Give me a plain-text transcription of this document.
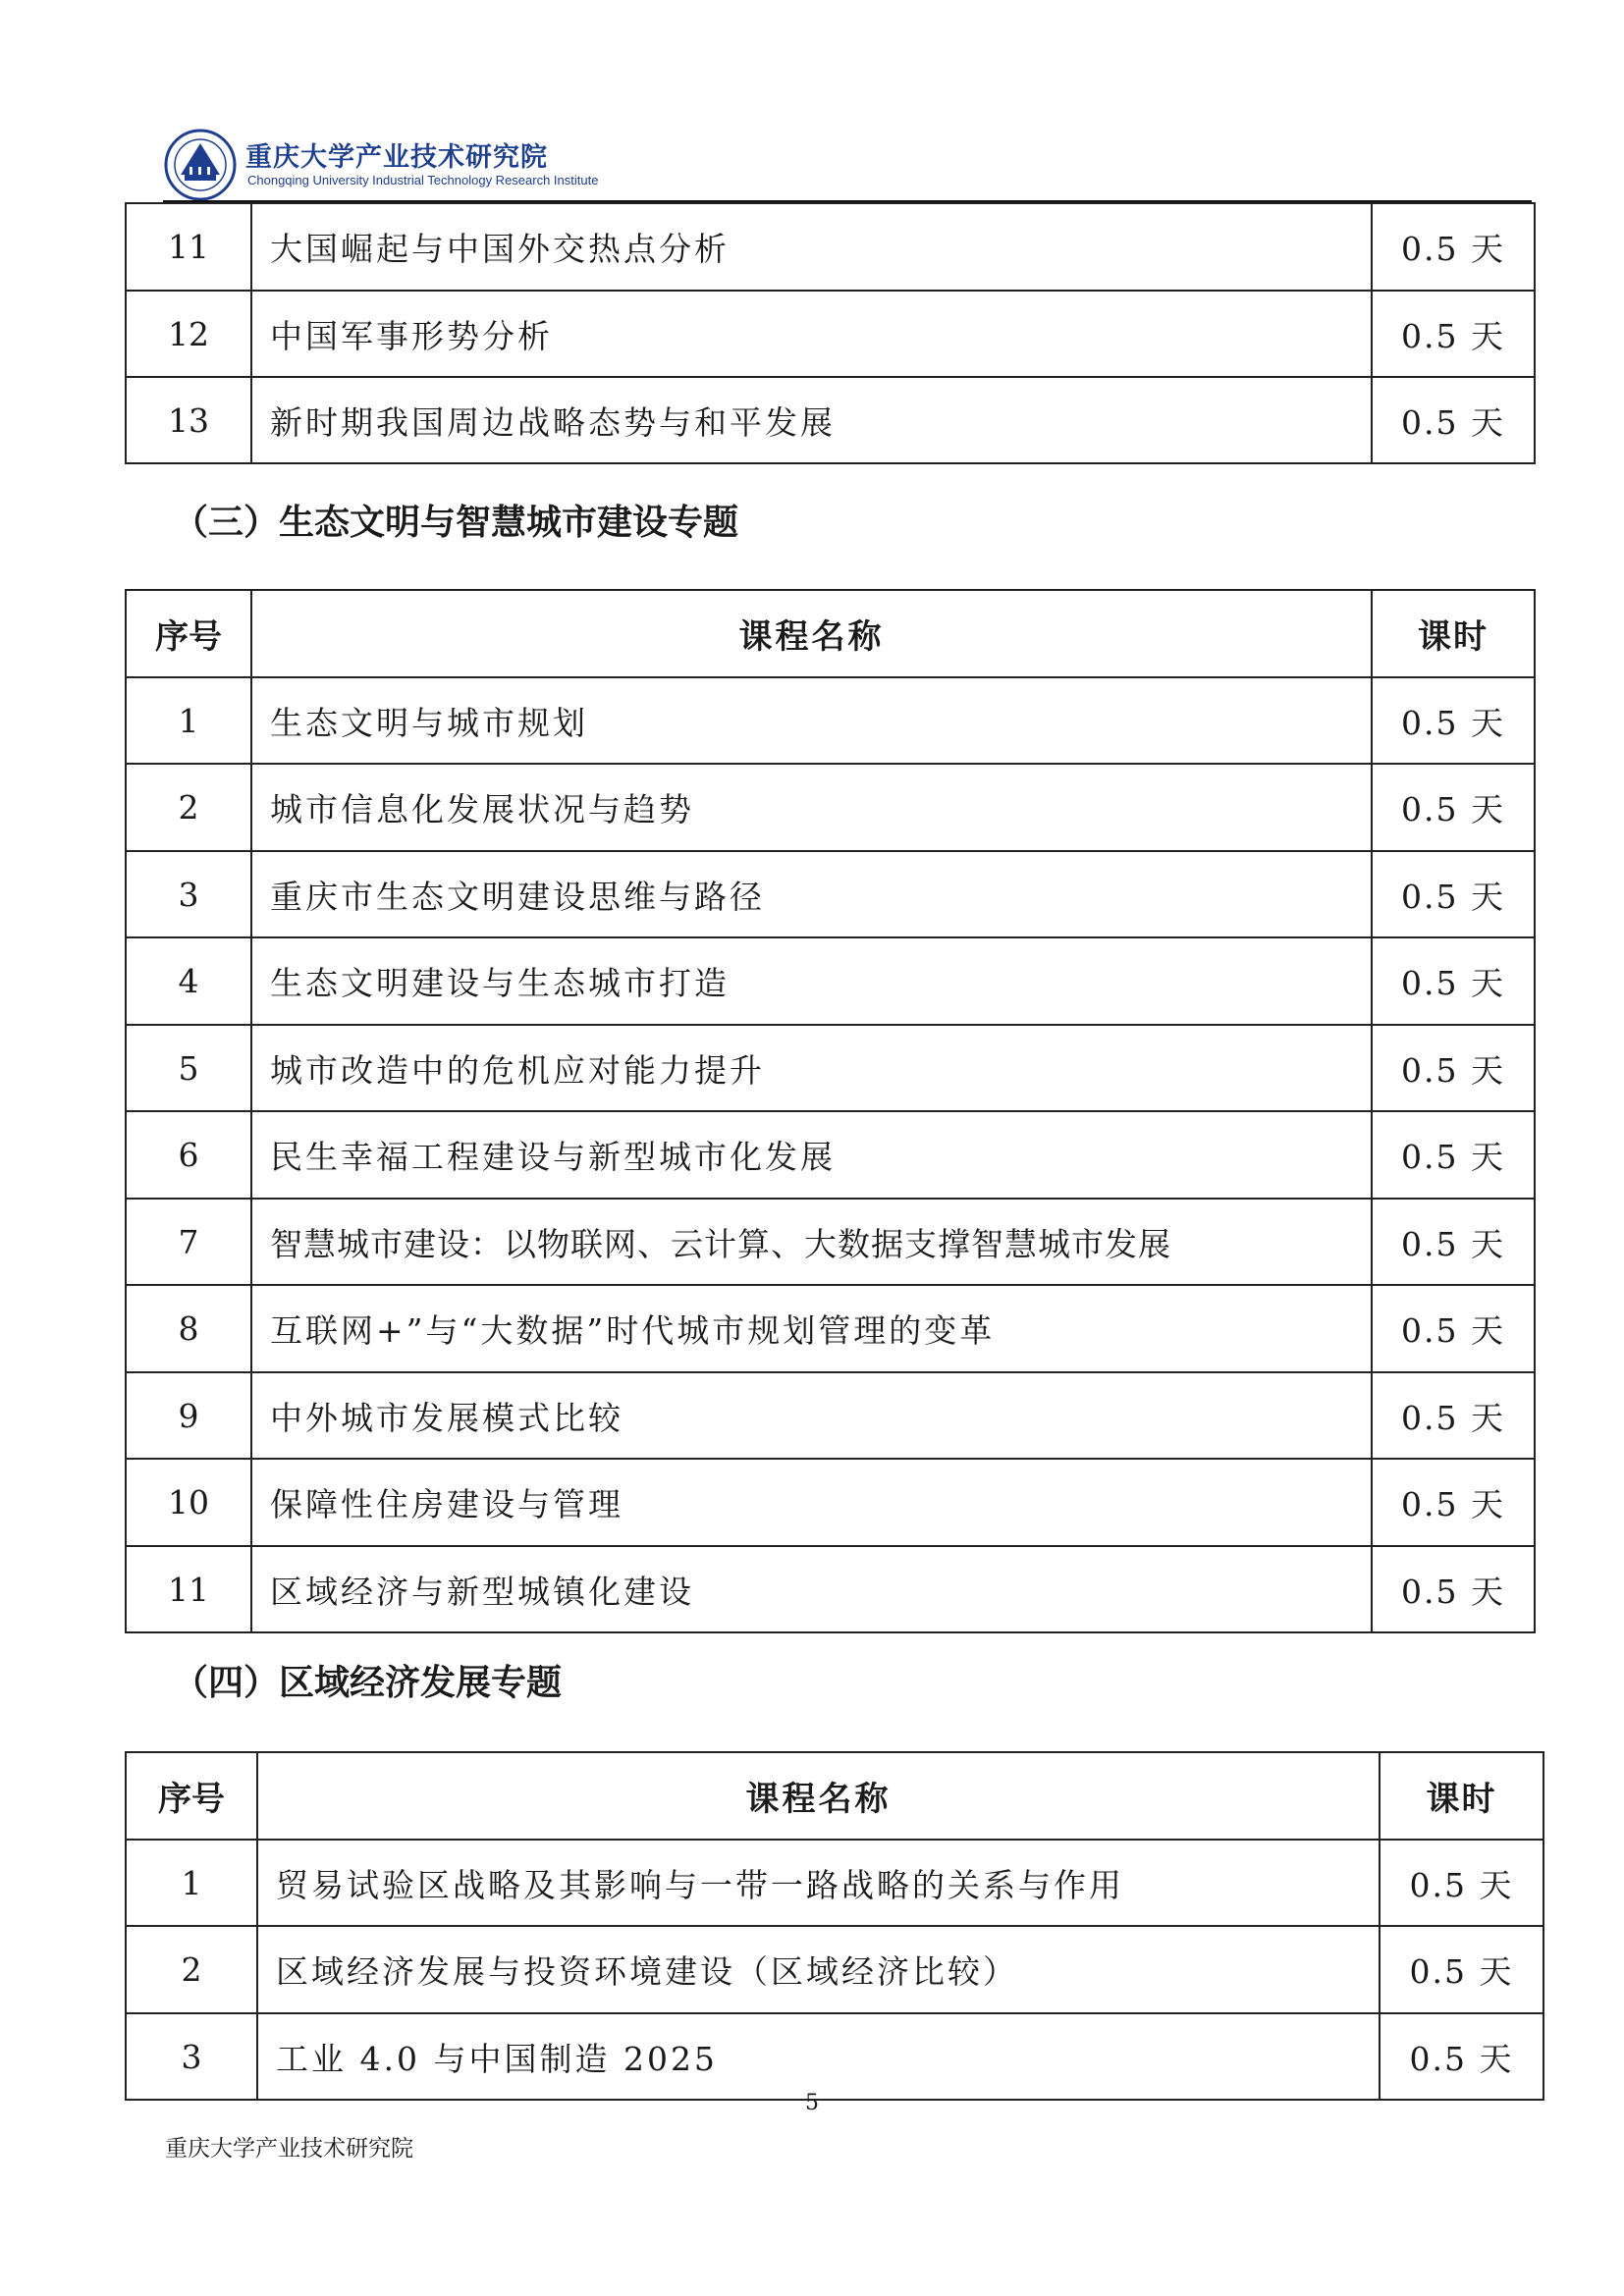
重庆大学产业技术研究院
Chongqing University Industrial Technology Research Institute
11	大国崛起与中国外交热点分析	0.5 天
12	中国军事形势分析	0.5 天
13	新时期我国周边战略态势与和平发展	0.5 天
（三）生态文明与智慧城市建设专题
序号	课程名称	课时
1	生态文明与城市规划	0.5 天
2	城市信息化发展状况与趋势	0.5 天
3	重庆市生态文明建设思维与路径	0.5 天
4	生态文明建设与生态城市打造	0.5 天
5	城市改造中的危机应对能力提升	0.5 天
6	民生幸福工程建设与新型城市化发展	0.5 天
7	智慧城市建设：以物联网、云计算、大数据支撑智慧城市发展	0.5 天
8	互联网+”与“大数据”时代城市规划管理的变革	0.5 天
9	中外城市发展模式比较	0.5 天
10	保障性住房建设与管理	0.5 天
11	区域经济与新型城镇化建设	0.5 天
（四）区域经济发展专题
序号	课程名称	课时
1	贸易试验区战略及其影响与一带一路战略的关系与作用	0.5 天
2	区域经济发展与投资环境建设（区域经济比较）	0.5 天
3	工业 4.0 与中国制造 2025	0.5 天
5
重庆大学产业技术研究院
